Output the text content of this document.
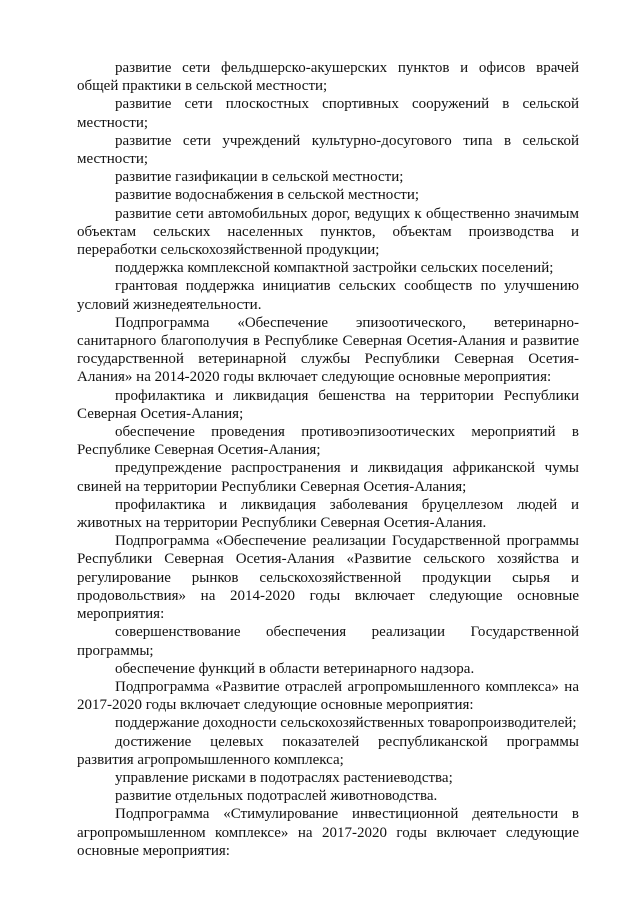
развитие сети фельдшерско-акушерских пунктов и офисов врачей общей практики в сельской местности;

развитие сети плоскостных спортивных сооружений в сельской местности;

развитие сети учреждений культурно-досугового типа в сельской местности;

развитие газификации в сельской местности;

развитие водоснабжения в сельской местности;

развитие сети автомобильных дорог, ведущих к общественно значимым объектам сельских населенных пунктов, объектам производства и переработки сельскохозяйственной продукции;

поддержка комплексной компактной застройки сельских поселений;

грантовая поддержка инициатив сельских сообществ по улучшению условий жизнедеятельности.

Подпрограмма «Обеспечение эпизоотического, ветеринарно-санитарного благополучия в Республике Северная Осетия-Алания и развитие государственной ветеринарной службы Республики Северная Осетия-Алания» на 2014-2020 годы включает следующие основные мероприятия:

профилактика и ликвидация бешенства на территории Республики Северная Осетия-Алания;

обеспечение проведения противоэпизоотических мероприятий в Республике Северная Осетия-Алания;

предупреждение распространения и ликвидация африканской чумы свиней на территории Республики Северная Осетия-Алания;

профилактика и ликвидация заболевания бруцеллезом людей и животных на территории Республики Северная Осетия-Алания.

Подпрограмма «Обеспечение реализации Государственной программы Республики Северная Осетия-Алания «Развитие сельского хозяйства и регулирование рынков сельскохозяйственной продукции сырья и продовольствия» на 2014-2020 годы включает следующие основные мероприятия:

совершенствование обеспечения реализации Государственной программы;

обеспечение функций в области ветеринарного надзора.

Подпрограмма «Развитие отраслей агропромышленного комплекса» на 2017-2020 годы включает следующие основные мероприятия:

поддержание доходности сельскохозяйственных товаропроизводителей;

достижение целевых показателей республиканской программы развития агропромышленного комплекса;

управление рисками в подотраслях растениеводства;

развитие отдельных подотраслей животноводства.

Подпрограмма «Стимулирование инвестиционной деятельности в агропромышленном комплексе» на 2017-2020 годы включает следующие основные мероприятия:
